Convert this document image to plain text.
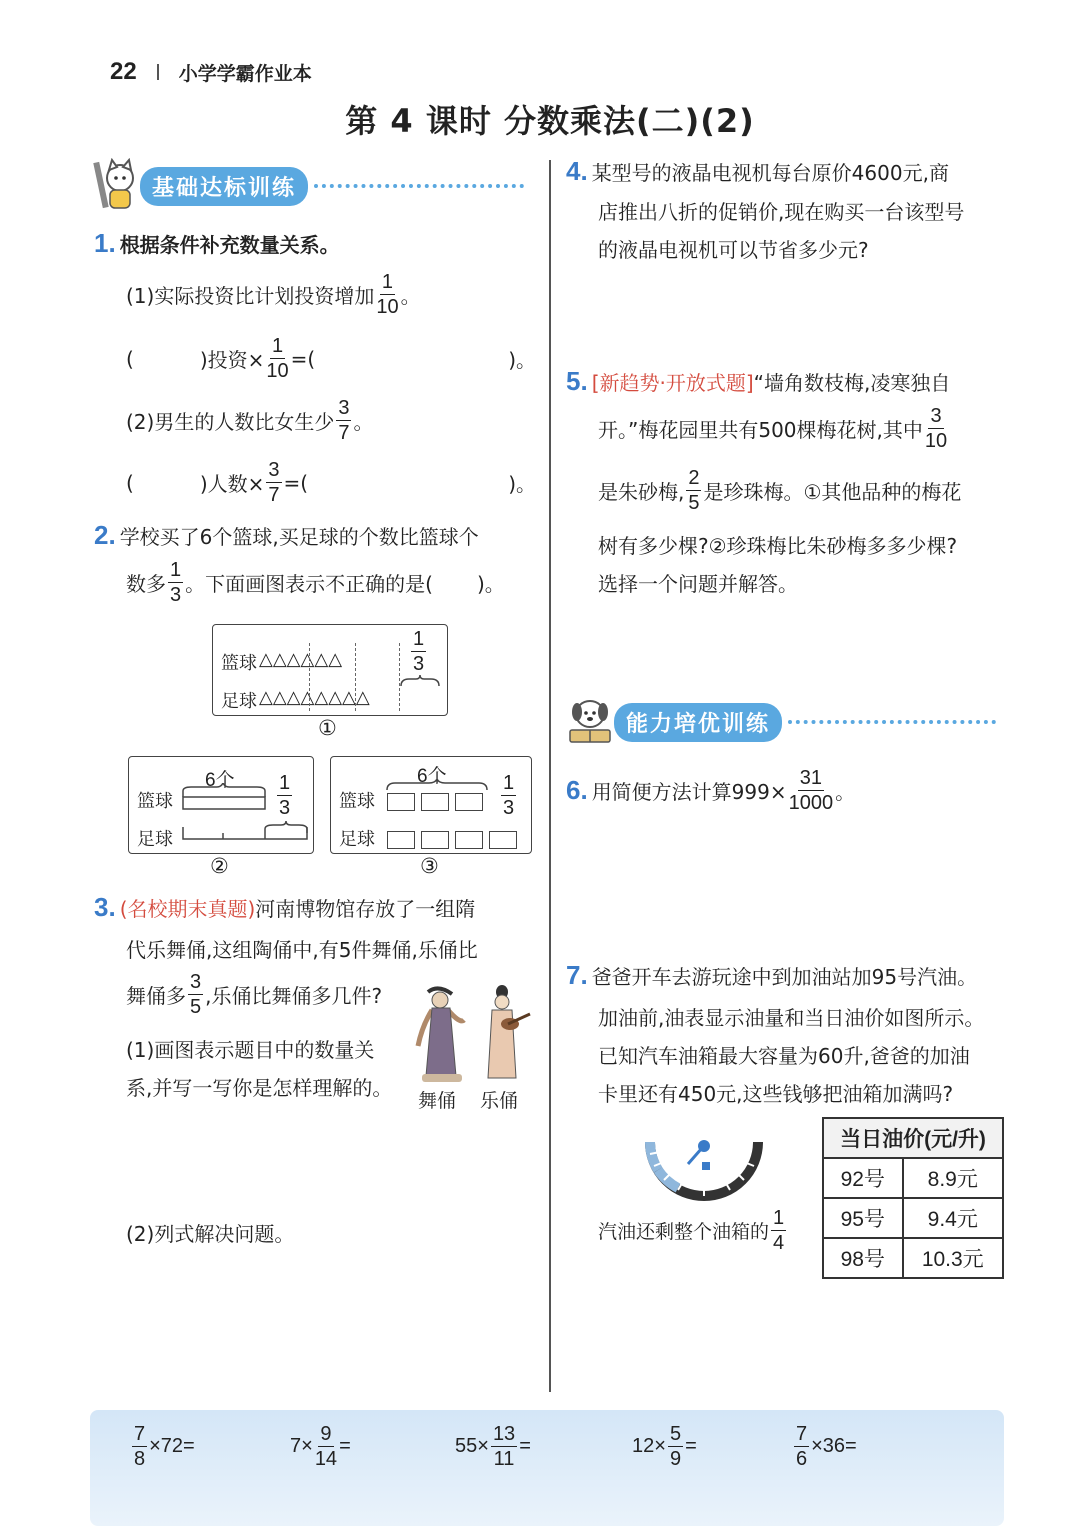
22 小学学霸作业本
第 4 课时 分数乘法(二)(2)
基础达标训练
1. 根据条件补充数量关系。
(1)实际投资比计划投资增加 $\frac{1}{10}$ 。
(	)投资× $\frac{1}{10}$ =(	)。
(2)男生的人数比女生少 $\frac{3}{7}$ 。
(	)人数× $\frac{3}{7}$ =(	)。
2. 学校买了6个篮球,买足球的个数比篮球个
数多 $\frac{1}{3}$ 。下面画图表示不正确的是( )。
篮球 △△△△△△
足球 △△△△△△△△
$\frac{1}{3}$
①
篮球
足球
6个 $\frac{1}{3}$
②
篮球
足球
6个	$\frac{1}{3}$
③
3. (名校期末真题) 河南博物馆存放了一组隋
代乐舞俑,这组陶俑中,有5件舞俑,乐俑比
舞俑多 $\frac{3}{5}$ ,乐俑比舞俑多几件?
(1)画图表示题目中的数量关
系,并写一写你是怎样理解的。
舞俑 乐俑
(2)列式解决问题。
4. 某型号的液晶电视机每台原价4600元,商
店推出八折的促销价,现在购买一台该型号
的液晶电视机可以节省多少元?
5. [新趋势·开放式题] “墙角数枝梅,凌寒独自
开。”梅花园里共有500棵梅花树,其中 $\frac{3}{10}$
是朱砂梅, $\frac{2}{5}$ 是珍珠梅。①其他品种的梅花
树有多少棵?②珍珠梅比朱砂梅多多少棵?
选择一个问题并解答。
能力培优训练
6. 用简便方法计算$999\times \frac{31}{1000}$ 。
7. 爸爸开车去游玩途中到加油站加95号汽油。
加油前,油表显示油量和当日油价如图所示。
已知汽车油箱最大容量为60升,爸爸的加油
卡里还有450元,这些钱够把油箱加满吗?
汽油还剩整个油箱的 $\frac{1}{4}$
当日油价(元/升)	
92号	8.9元
95号	9.4元
98号	10.3元
$\frac{7}{8} \times 72=$	$7\times \frac{9}{14}$ =	$55\times \frac{13}{11}$ =	$12\times \frac{5}{9}$ =	$\frac{7}{6} \times 36=$
